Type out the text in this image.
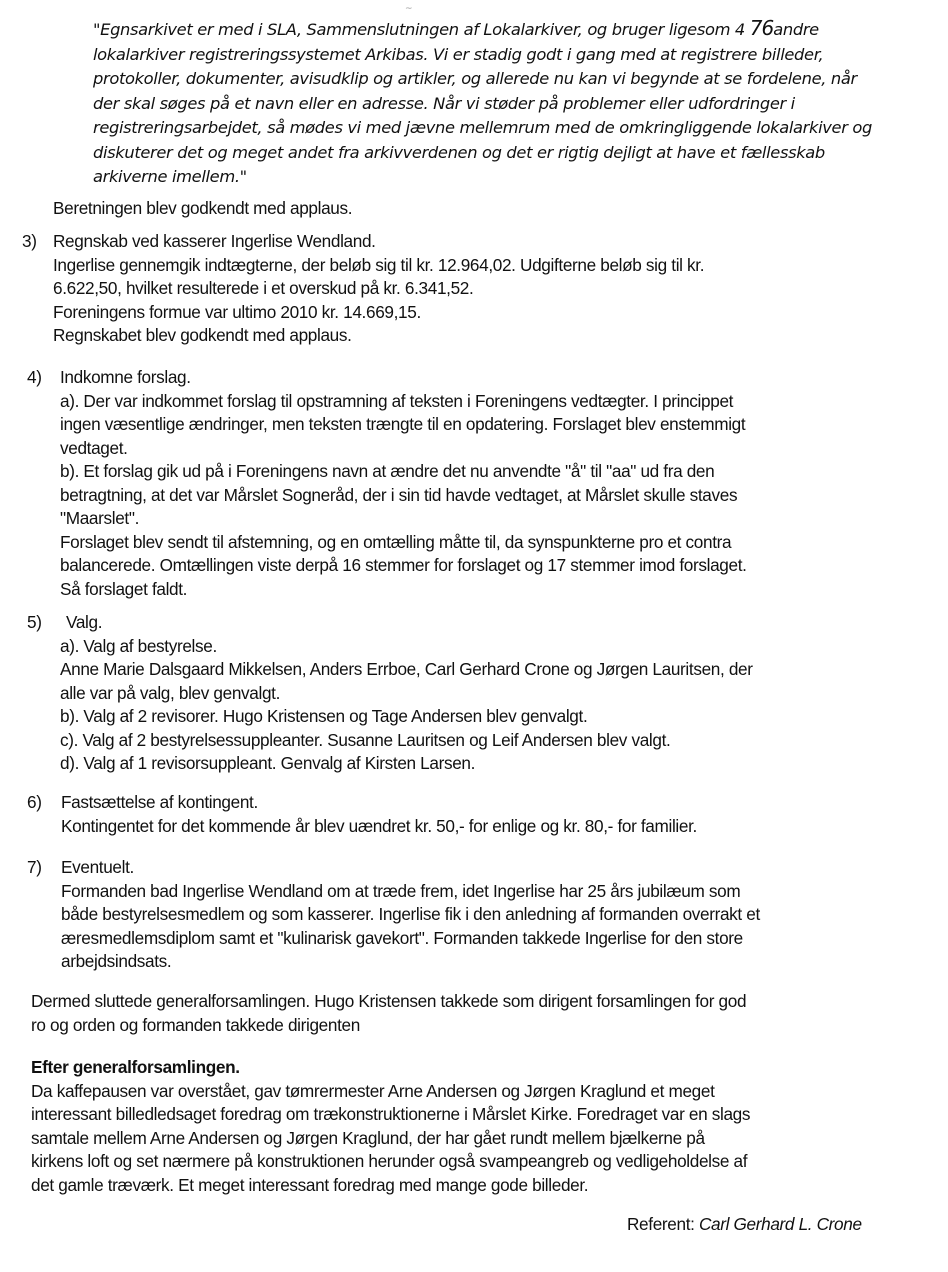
~

"Egnsarkivet er med i SLA, Sammenslutningen af Lokalarkiver, og bruger ligesom 4 76andre

lokalarkiver registreringssystemet Arkibas. Vi er stadig godt i gang med at registrere billeder,

protokoller, dokumenter, avisudklip og artikler, og allerede nu kan vi begynde at se fordelene, når

der skal søges på et navn eller en adresse. Når vi støder på problemer eller udfordringer i

registreringsarbejdet, så mødes vi med jævne mellemrum med de omkringliggende lokalarkiver og

diskuterer det og meget andet fra arkivverdenen og det er rigtig dejligt at have et fællesskab

arkiverne imellem."

Beretningen blev godkendt med applaus.

3) Regnskab ved kasserer Ingerlise Wendland.

Ingerlise gennemgik indtægterne, der beløb sig til kr. 12.964,02. Udgifterne beløb sig til kr.

6.622,50, hvilket resulterede i et overskud på kr. 6.341,52.

Foreningens formue var ultimo 2010 kr. 14.669,15.

Regnskabet blev godkendt med applaus.

4) Indkomne forslag.

a). Der var indkommet forslag til opstramning af teksten i Foreningens vedtægter. I princippet

ingen væsentlige ændringer, men teksten trængte til en opdatering. Forslaget blev enstemmigt

vedtaget.

b). Et forslag gik ud på i Foreningens navn at ændre det nu anvendte "å" til "aa" ud fra den

betragtning, at det var Mårslet Sogneråd, der i sin tid havde vedtaget, at Mårslet skulle staves

"Maarslet".

Forslaget blev sendt til afstemning, og en omtælling måtte til, da synspunkterne pro et contra

balancerede. Omtællingen viste derpå 16 stemmer for forslaget og 17 stemmer imod forslaget.

Så forslaget faldt.

5)	Valg.

a). Valg af bestyrelse.

Anne Marie Dalsgaard Mikkelsen, Anders Errboe, Carl Gerhard Crone og Jørgen Lauritsen, der

alle var på valg, blev genvalgt.

b). Valg af 2 revisorer. Hugo Kristensen og Tage Andersen blev genvalgt.

c). Valg af 2 bestyrelsessuppleanter. Susanne Lauritsen og Leif Andersen blev valgt.

d). Valg af 1 revisorsuppleant. Genvalg af Kirsten Larsen.

6) Fastsættelse af kontingent.

Kontingentet for det kommende år blev uændret kr. 50,- for enlige og kr. 80,- for familier.

7) Eventuelt.

Formanden bad Ingerlise Wendland om at træde frem, idet Ingerlise har 25 års jubilæum som

både bestyrelsesmedlem og som kasserer. Ingerlise fik i den anledning af formanden overrakt et

æresmedlemsdiplom samt et "kulinarisk gavekort". Formanden takkede Ingerlise for den store

arbejdsindsats.

Dermed sluttede generalforsamlingen. Hugo Kristensen takkede som dirigent forsamlingen for god

ro og orden og formanden takkede dirigenten

Efter generalforsamlingen.

Da kaffepausen var overstået, gav tømrermester Arne Andersen og Jørgen Kraglund et meget

interessant billedledsaget foredrag om trækonstruktionerne i Mårslet Kirke. Foredraget var en slags

samtale mellem Arne Andersen og Jørgen Kraglund, der har gået rundt mellem bjælkerne på

kirkens loft og set nærmere på konstruktionen herunder også svampeangreb og vedligeholdelse af

det gamle træværk. Et meget interessant foredrag med mange gode billeder.

Referent: Carl Gerhard L. Crone
